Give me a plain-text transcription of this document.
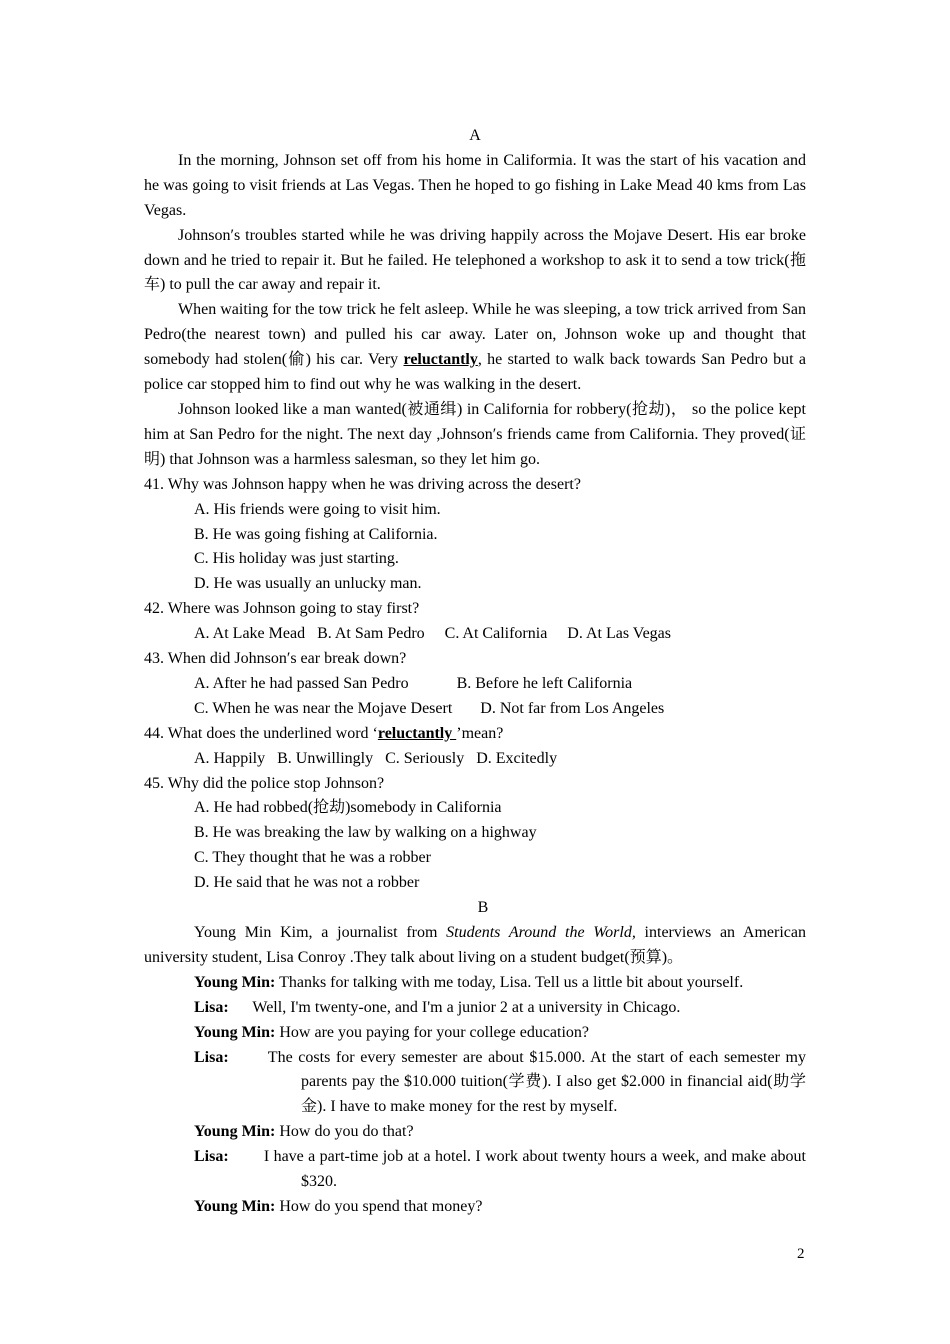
A

In the morning, Johnson set off from his home in Califormia. It was the start of his vacation and he was going to visit friends at Las Vegas. Then he hoped to go fishing in Lake Mead 40 kms from Las Vegas.

Johnson′s troubles started while he was driving happily across the Mojave Desert. His ear broke down and he tried to repair it. But he failed. He telephoned a workshop to ask it to send a tow trick(拖车) to pull the car away and repair it.

When waiting for the tow trick he felt asleep. While he was sleeping, a tow trick arrived from San Pedro(the nearest town) and pulled his car away. Later on, Johnson woke up and thought that somebody had stolen(偷) his car. Very reluctantly, he started to walk back towards San Pedro but a police car stopped him to find out why he was walking in the desert.

Johnson looked like a man wanted(被通缉) in California for robbery(抢劫)， so the police kept him at San Pedro for the night. The next day ,Johnson′s friends came from California. They proved(证明) that Johnson was a harmless salesman, so they let him go.

41. Why was Johnson happy when he was driving across the desert?

A. His friends were going to visit him.

B. He was going fishing at California.

C. His holiday was just starting.

D. He was usually an unlucky man.

42. Where was Johnson going to stay first?

A. At Lake Mead   B. At Sam Pedro     C. At California     D. At Las Vegas

43. When did Johnson′s ear break down?

A. After he had passed San Pedro            B. Before he left California

C. When he was near the Mojave Desert       D. Not far from Los Angeles

44. What does the underlined word ‘reluctantly ’mean?

A. Happily   B. Unwillingly   C. Seriously   D. Excitedly

45. Why did the police stop Johnson?

A. He had robbed(抢劫)somebody in California

B. He was breaking the law by walking on a highway

C. They thought that he was a robber

D. He said that he was not a robber

B

Young Min Kim, a journalist from Students Around the World, interviews an American university student, Lisa Conroy .They talk about living on a student budget(预算)。

Young Min: Thanks for talking with me today, Lisa. Tell us a little bit about yourself.

Lisa:      Well, I'm twenty-one, and I'm a junior 2 at a university in Chicago.

Young Min: How are you paying for your college education?

Lisa:       The costs for every semester are about $15.000. At the start of each semester my parents pay the $10.000 tuition(学费). I also get $2.000 in financial aid(助学金). I have to make money for the rest by myself.

Young Min: How do you do that?

Lisa:        I have a part-time job at a hotel. I work about twenty hours a week, and make about $320.

Young Min: How do you spend that money?

2
